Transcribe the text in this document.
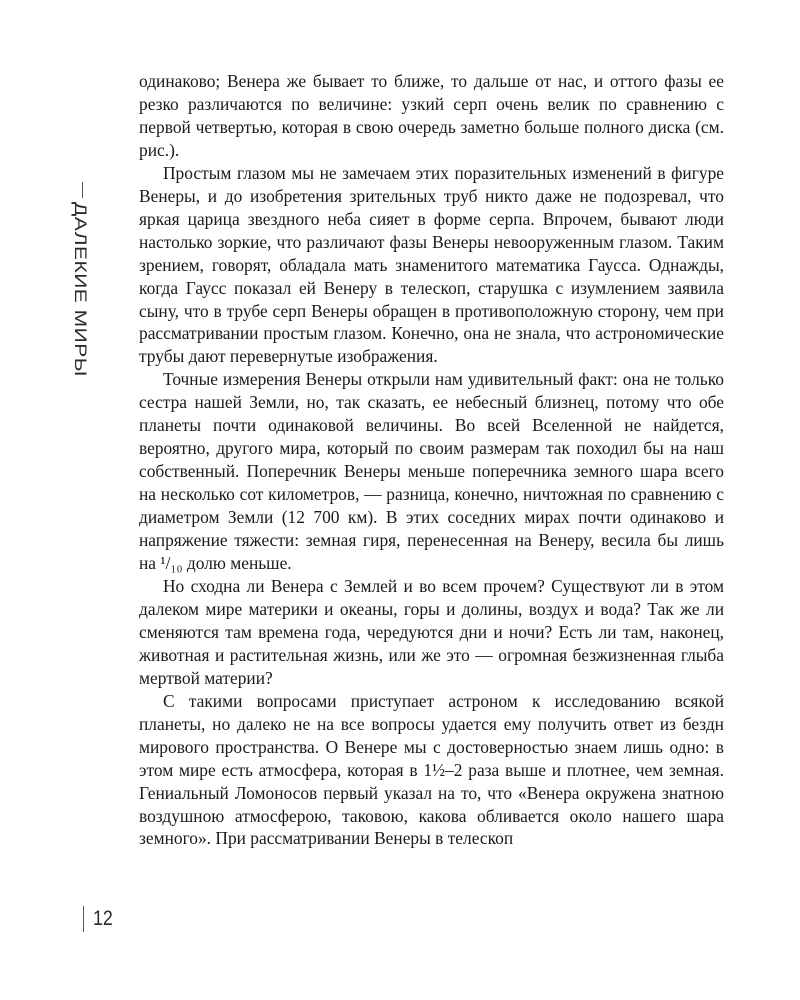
ДАЛЕКИЕ МИРЫ

одинаково; Венера же бывает то ближе, то дальше от нас, и оттого фазы ее резко различаются по величине: узкий серп очень велик по сравнению с первой четвертью, которая в свою очередь заметно больше полного диска (см. рис.).

Простым глазом мы не замечаем этих поразительных изменений в фигуре Венеры, и до изобретения зрительных труб никто даже не подозревал, что яркая царица звездного неба сияет в форме серпа. Впрочем, бывают люди настолько зоркие, что различают фазы Венеры невооруженным глазом. Таким зрением, говорят, обладала мать знаменитого математика Гаусса. Однажды, когда Гаусс показал ей Венеру в телескоп, старушка с изумлением заявила сыну, что в трубе серп Венеры обращен в противоположную сторону, чем при рассматривании простым глазом. Конечно, она не знала, что астрономические трубы дают перевернутые изображения.

Точные измерения Венеры открыли нам удивительный факт: она не только сестра нашей Земли, но, так сказать, ее небесный близнец, потому что обе планеты почти одинаковой величины. Во всей Вселенной не найдется, вероятно, другого мира, который по своим размерам так походил бы на наш собственный. Поперечник Венеры меньше поперечника земного шара всего на несколько сот километров, — разница, конечно, ничтожная по сравнению с диаметром Земли (12 700 км). В этих соседних мирах почти одинаково и напряжение тяжести: земная гиря, перенесенная на Венеру, весила бы лишь на ¹/₁₀ долю меньше.

Но сходна ли Венера с Землей и во всем прочем? Существуют ли в этом далеком мире материки и океаны, горы и долины, воздух и вода? Так же ли сменяются там времена года, чередуются дни и ночи? Есть ли там, наконец, животная и растительная жизнь, или же это — огромная безжизненная глыба мертвой материи?

С такими вопросами приступает астроном к исследованию всякой планеты, но далеко не на все вопросы удается ему получить ответ из бездн мирового пространства. О Венере мы с достоверностью знаем лишь одно: в этом мире есть атмосфера, которая в 1½–2 раза выше и плотнее, чем земная. Гениальный Ломоносов первый указал на то, что «Венера окружена знатною воздушною атмосферою, таковою, какова обливается около нашего шара земного». При рассматривании Венеры в телескоп

12
